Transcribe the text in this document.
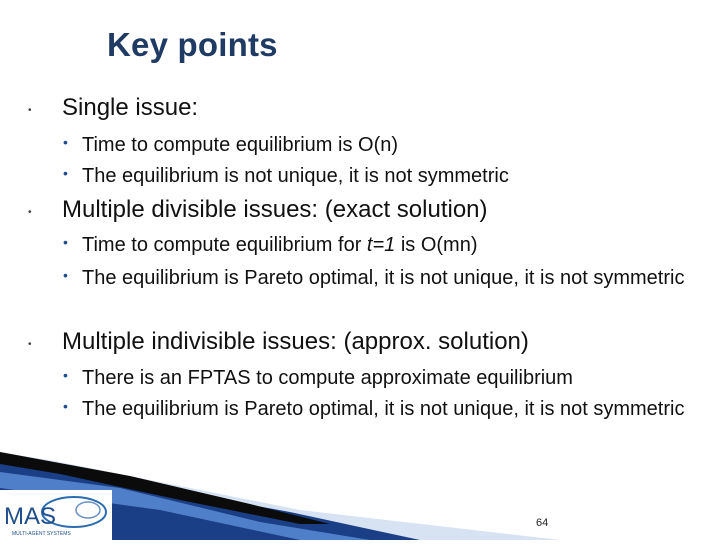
Key points
• Single issue:
• Time to compute equilibrium is O(n)
• The equilibrium is not unique, it is not symmetric
• Multiple divisible issues: (exact solution)
• Time to compute equilibrium for t=1 is O(mn)
• The equilibrium is Pareto optimal, it is not unique, it is not symmetric
• Multiple indivisible issues: (approx. solution)
• There is an FPTAS to compute approximate equilibrium
• The equilibrium is Pareto optimal, it is not unique, it is not symmetric
MAS
MULTI-AGENT SYSTEMS
64
